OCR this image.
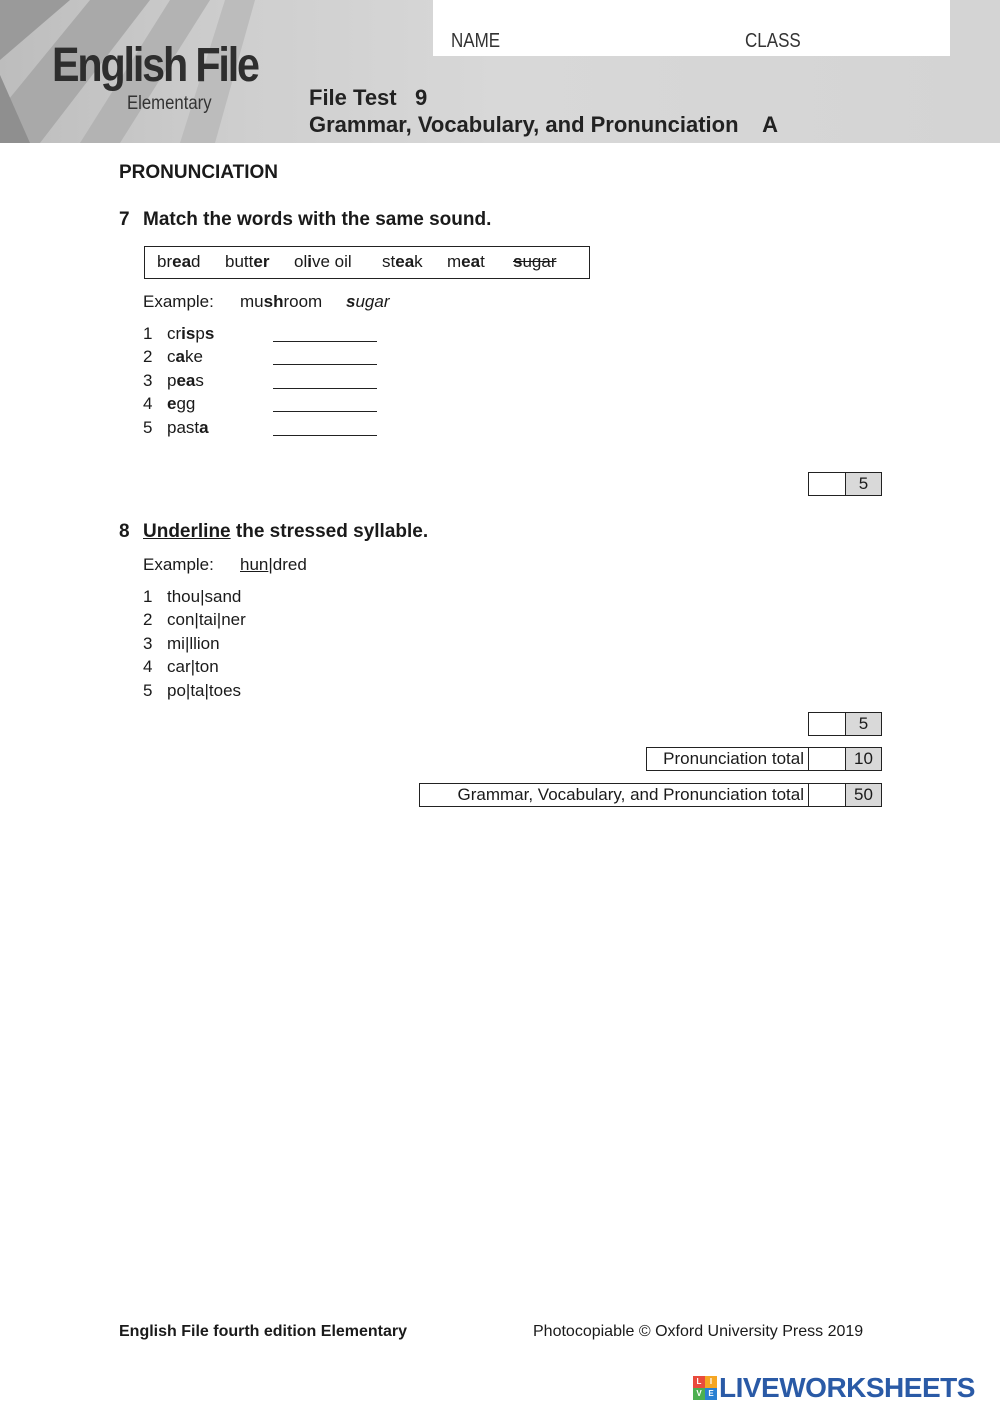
English File
Elementary
NAME	CLASS
File Test   9
Grammar, Vocabulary, and Pronunciation    A
PRONUNCIATION
7 Match the words with the same sound.
bread butter olive oil steak meat sugar
Example: mushroom sugar
1 crisps
2 cake
3 peas
4 egg
5 pasta
5
8 Underline the stressed syllable.
Example: hun|dred
1 thou|sand
2 con|tai|ner
3 mi|llion
4 car|ton
5 po|ta|toes
5
Pronunciation total	10
Grammar, Vocabulary, and Pronunciation total	50
English File fourth edition Elementary	Photocopiable © Oxford University Press 2019
L	I
V E LIVEWORKSHEETS
